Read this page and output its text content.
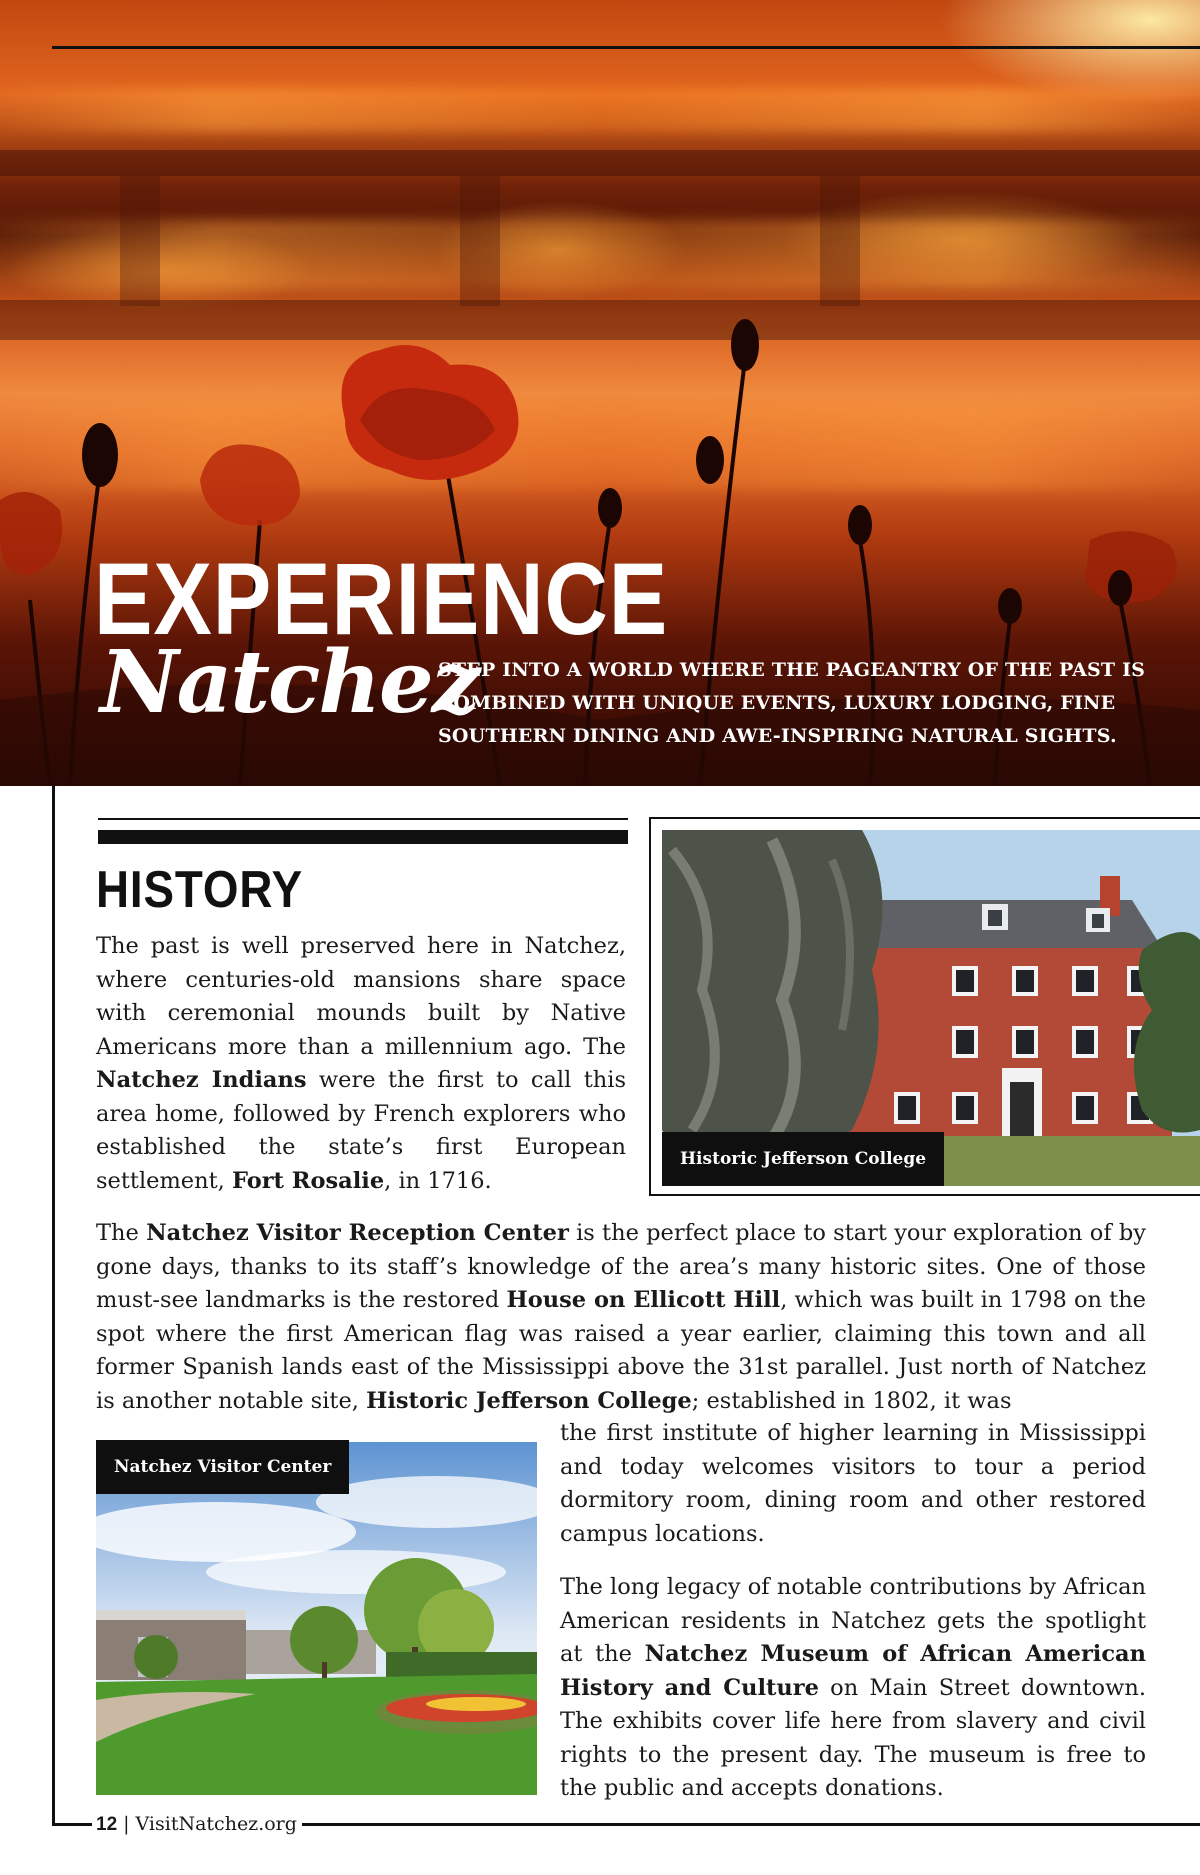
EXPERIENCE
Natchez

STEP INTO A WORLD WHERE THE PAGEANTRY OF THE PAST IS COMBINED WITH UNIQUE EVENTS, LUXURY LODGING, FINE SOUTHERN DINING AND AWE-INSPIRING NATURAL SIGHTS.

HISTORY

The past is well preserved here in Natchez, where centuries-old mansions share space with ceremonial mounds built by Native Americans more than a millennium ago. The Natchez Indians were the first to call this area home, followed by French explorers who established the state’s first European settlement, Fort Rosalie, in 1716.

Historic Jefferson College

The Natchez Visitor Reception Center is the perfect place to start your exploration of by gone days, thanks to its staff’s knowledge of the area’s many historic sites. One of those must-see landmarks is the restored House on Ellicott Hill, which was built in 1798 on the spot where the first American flag was raised a year earlier, claiming this town and all former Spanish lands east of the Mississippi above the 31st parallel. Just north of Natchez is another notable site, Historic Jefferson College; established in 1802, it was

Natchez Visitor Center

the first institute of higher learning in Mississippi and today welcomes visitors to tour a period dormitory room, dining room and other restored campus locations.

The long legacy of notable contributions by African American residents in Natchez gets the spotlight at the Natchez Museum of African American History and Culture on Main Street downtown. The exhibits cover life here from slavery and civil rights to the present day. The museum is free to the public and accepts donations.

12 | VisitNatchez.org
